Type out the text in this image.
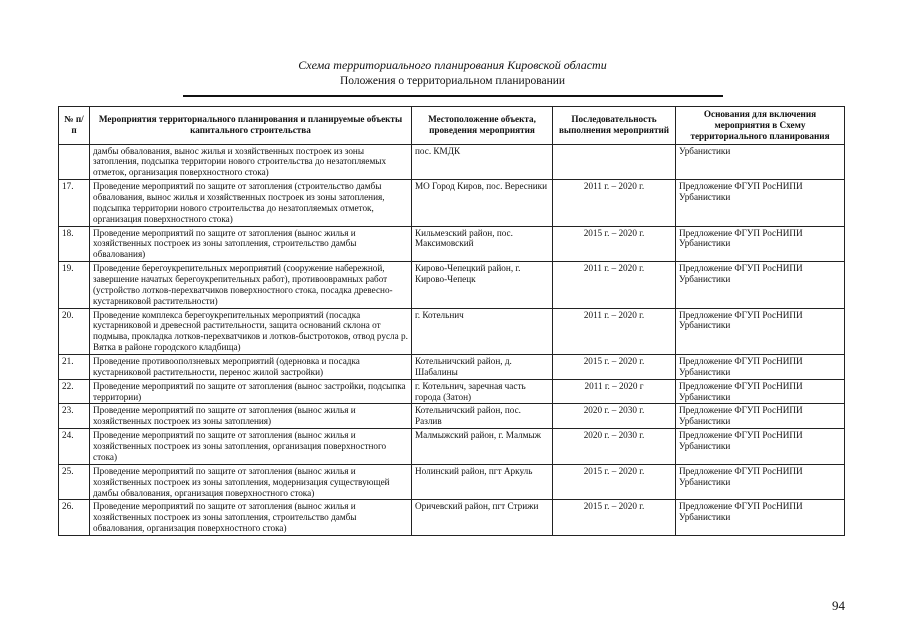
Схема территориального планирования Кировской области
Положения о территориальном планировании
№ п/п	Мероприятия территориального планирования и планируемые объекты капитального строительства	Местоположение объекта, проведения мероприятия	Последовательность выполнения мероприятий	Основания для включения мероприятия в Схему территориального планирования
	дамбы обвалования, вынос жилья и хозяйственных построек из зоны затопления, подсыпка территории нового строительства до незатопляемых отметок, организация поверхностного стока)	пос. КМДК		Урбанистики
17.	Проведение мероприятий по защите от затопления (строительство дамбы обвалования, вынос жилья и хозяйственных построек из зоны затопления, подсыпка территории нового строительства до незатопляемых отметок, организация поверхностного стока)	МО Город Киров, пос. Вересники	2011 г. – 2020 г.	Предложение ФГУП РосНИПИ Урбанистики
18.	Проведение мероприятий по защите от затопления (вынос жилья и хозяйственных построек из зоны затопления, строительство дамбы обвалования)	Кильмезский район, пос. Максимовский	2015 г. – 2020 г.	Предложение ФГУП РосНИПИ Урбанистики
19.	Проведение берегоукрепительных мероприятий (сооружение набережной, завершение начатых берегоукрепительных работ), противооврамных работ (устройство лотков-перехватчиков поверхностного стока, посадка древесно-кустарниковой растительности)	Кирово-Чепецкий район, г. Кирово-Чепецк	2011 г. – 2020 г.	Предложение ФГУП РосНИПИ Урбанистики
20.	Проведение комплекса берегоукрепительных мероприятий (посадка кустарниковой и древесной растительности, защита оснований склона от подмыва, прокладка лотков-перехватчиков и лотков-быстротоков, отвод русла р. Вятка в районе городского кладбища)	г. Котельнич	2011 г. – 2020 г.	Предложение ФГУП РосНИПИ Урбанистики
21.	Проведение противооползневых мероприятий (одерновка и посадка кустарниковой растительности, перенос жилой застройки)	Котельничский район, д. Шабалины	2015 г. – 2020 г.	Предложение ФГУП РосНИПИ Урбанистики
22.	Проведение мероприятий по защите от затопления (вынос застройки, подсыпка территории)	г. Котельнич, заречная часть города (Затон)	2011 г. – 2020 г	Предложение ФГУП РосНИПИ Урбанистики
23.	Проведение мероприятий по защите от затопления (вынос жилья и хозяйственных построек из зоны затопления)	Котельничский район, пос. Разлив	2020 г. – 2030 г.	Предложение ФГУП РосНИПИ Урбанистики
24.	Проведение мероприятий по защите от затопления (вынос жилья и хозяйственных построек из зоны затопления, организация поверхностного стока)	Малмыжский район, г. Малмыж	2020 г. – 2030 г.	Предложение ФГУП РосНИПИ Урбанистики
25.	Проведение мероприятий по защите от затопления (вынос жилья и хозяйственных построек из зоны затопления, модернизация существующей дамбы обвалования, организация поверхностного стока)	Нолинский район, пгт Аркуль	2015 г. – 2020 г.	Предложение ФГУП РосНИПИ Урбанистики
26.	Проведение мероприятий по защите от затопления (вынос жилья и хозяйственных построек из зоны затопления, строительство дамбы обвалования, организация поверхностного стока)	Оричевский район, пгт Стрижи	2015 г. – 2020 г.	Предложение ФГУП РосНИПИ Урбанистики
94
